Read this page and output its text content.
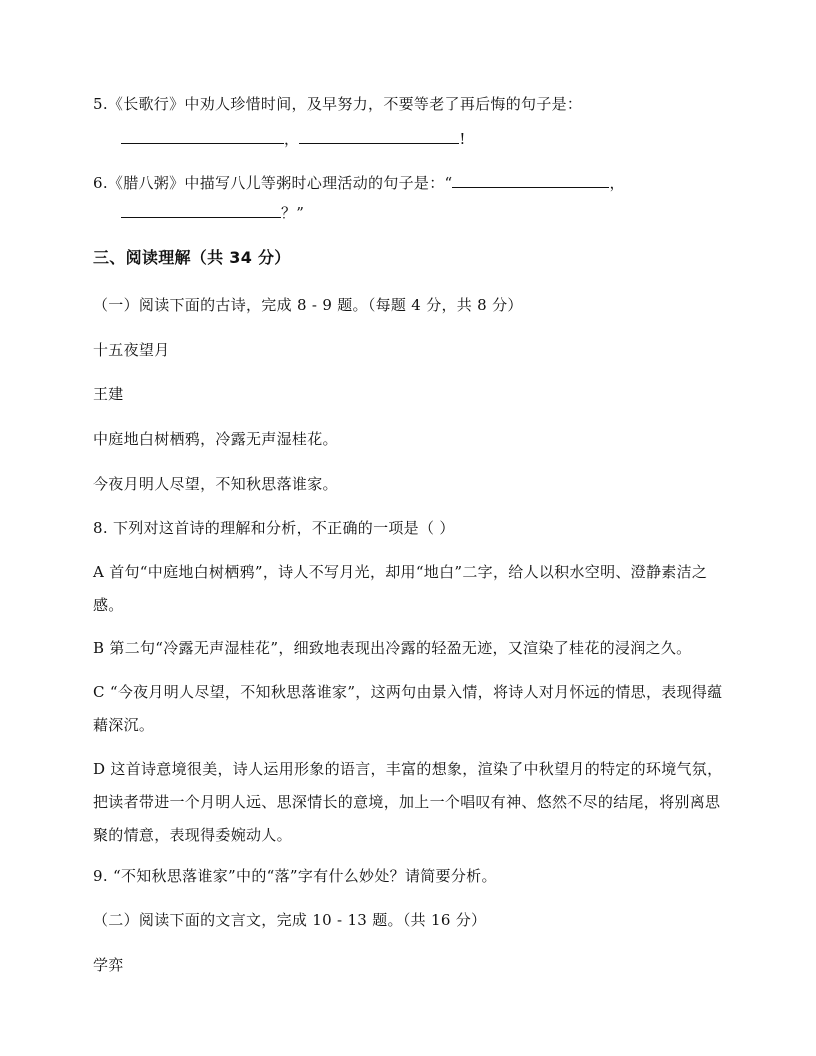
5.《长歌行》中劝人珍惜时间，及早努力，不要等老了再后悔的句子是：
，	!
6.《腊八粥》中描写八儿等粥时心理活动的句子是：“	，
？”
三、阅读理解（共 34 分）
（一）阅读下面的古诗，完成 8 - 9 题。（每题 4 分，共 8 分）
十五夜望月
王建
中庭地白树栖鸦，冷露无声湿桂花。
今夜月明人尽望，不知秋思落谁家。
8. 下列对这首诗的理解和分析，不正确的一项是（ ）
A 首句“中庭地白树栖鸦”，诗人不写月光，却用“地白”二字，给人以积水空明、澄静素洁之感。
B 第二句“冷露无声湿桂花”，细致地表现出冷露的轻盈无迹，又渲染了桂花的浸润之久。
C “今夜月明人尽望，不知秋思落谁家”，这两句由景入情，将诗人对月怀远的情思，表现得蕴藉深沉。
D 这首诗意境很美，诗人运用形象的语言，丰富的想象，渲染了中秋望月的特定的环境气氛，把读者带进一个月明人远、思深情长的意境，加上一个唱叹有神、悠然不尽的结尾，将别离思聚的情意，表现得委婉动人。
9. “不知秋思落谁家”中的“落”字有什么妙处？请简要分析。
（二）阅读下面的文言文，完成 10 - 13 题。（共 16 分）
学弈
